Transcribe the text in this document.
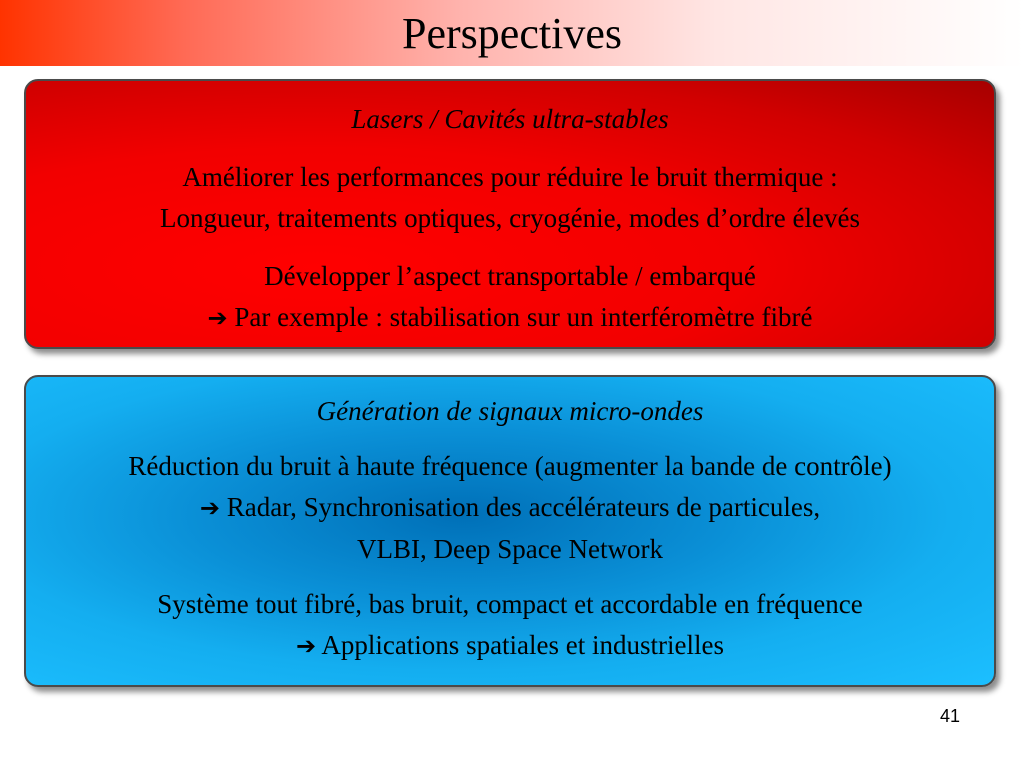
Perspectives
Lasers / Cavités ultra-stables
Améliorer les performances pour réduire le bruit thermique :
Longueur, traitements optiques, cryogénie, modes d’ordre élevés
Développer l’aspect transportable / embarqué
➔ Par exemple : stabilisation sur un interféromètre fibré
Génération de signaux micro-ondes
Réduction du bruit à haute fréquence (augmenter la bande de contrôle)
➔ Radar, Synchronisation des accélérateurs de particules,
VLBI, Deep Space Network
Système tout fibré, bas bruit, compact et accordable en fréquence
➔ Applications spatiales et industrielles
41
